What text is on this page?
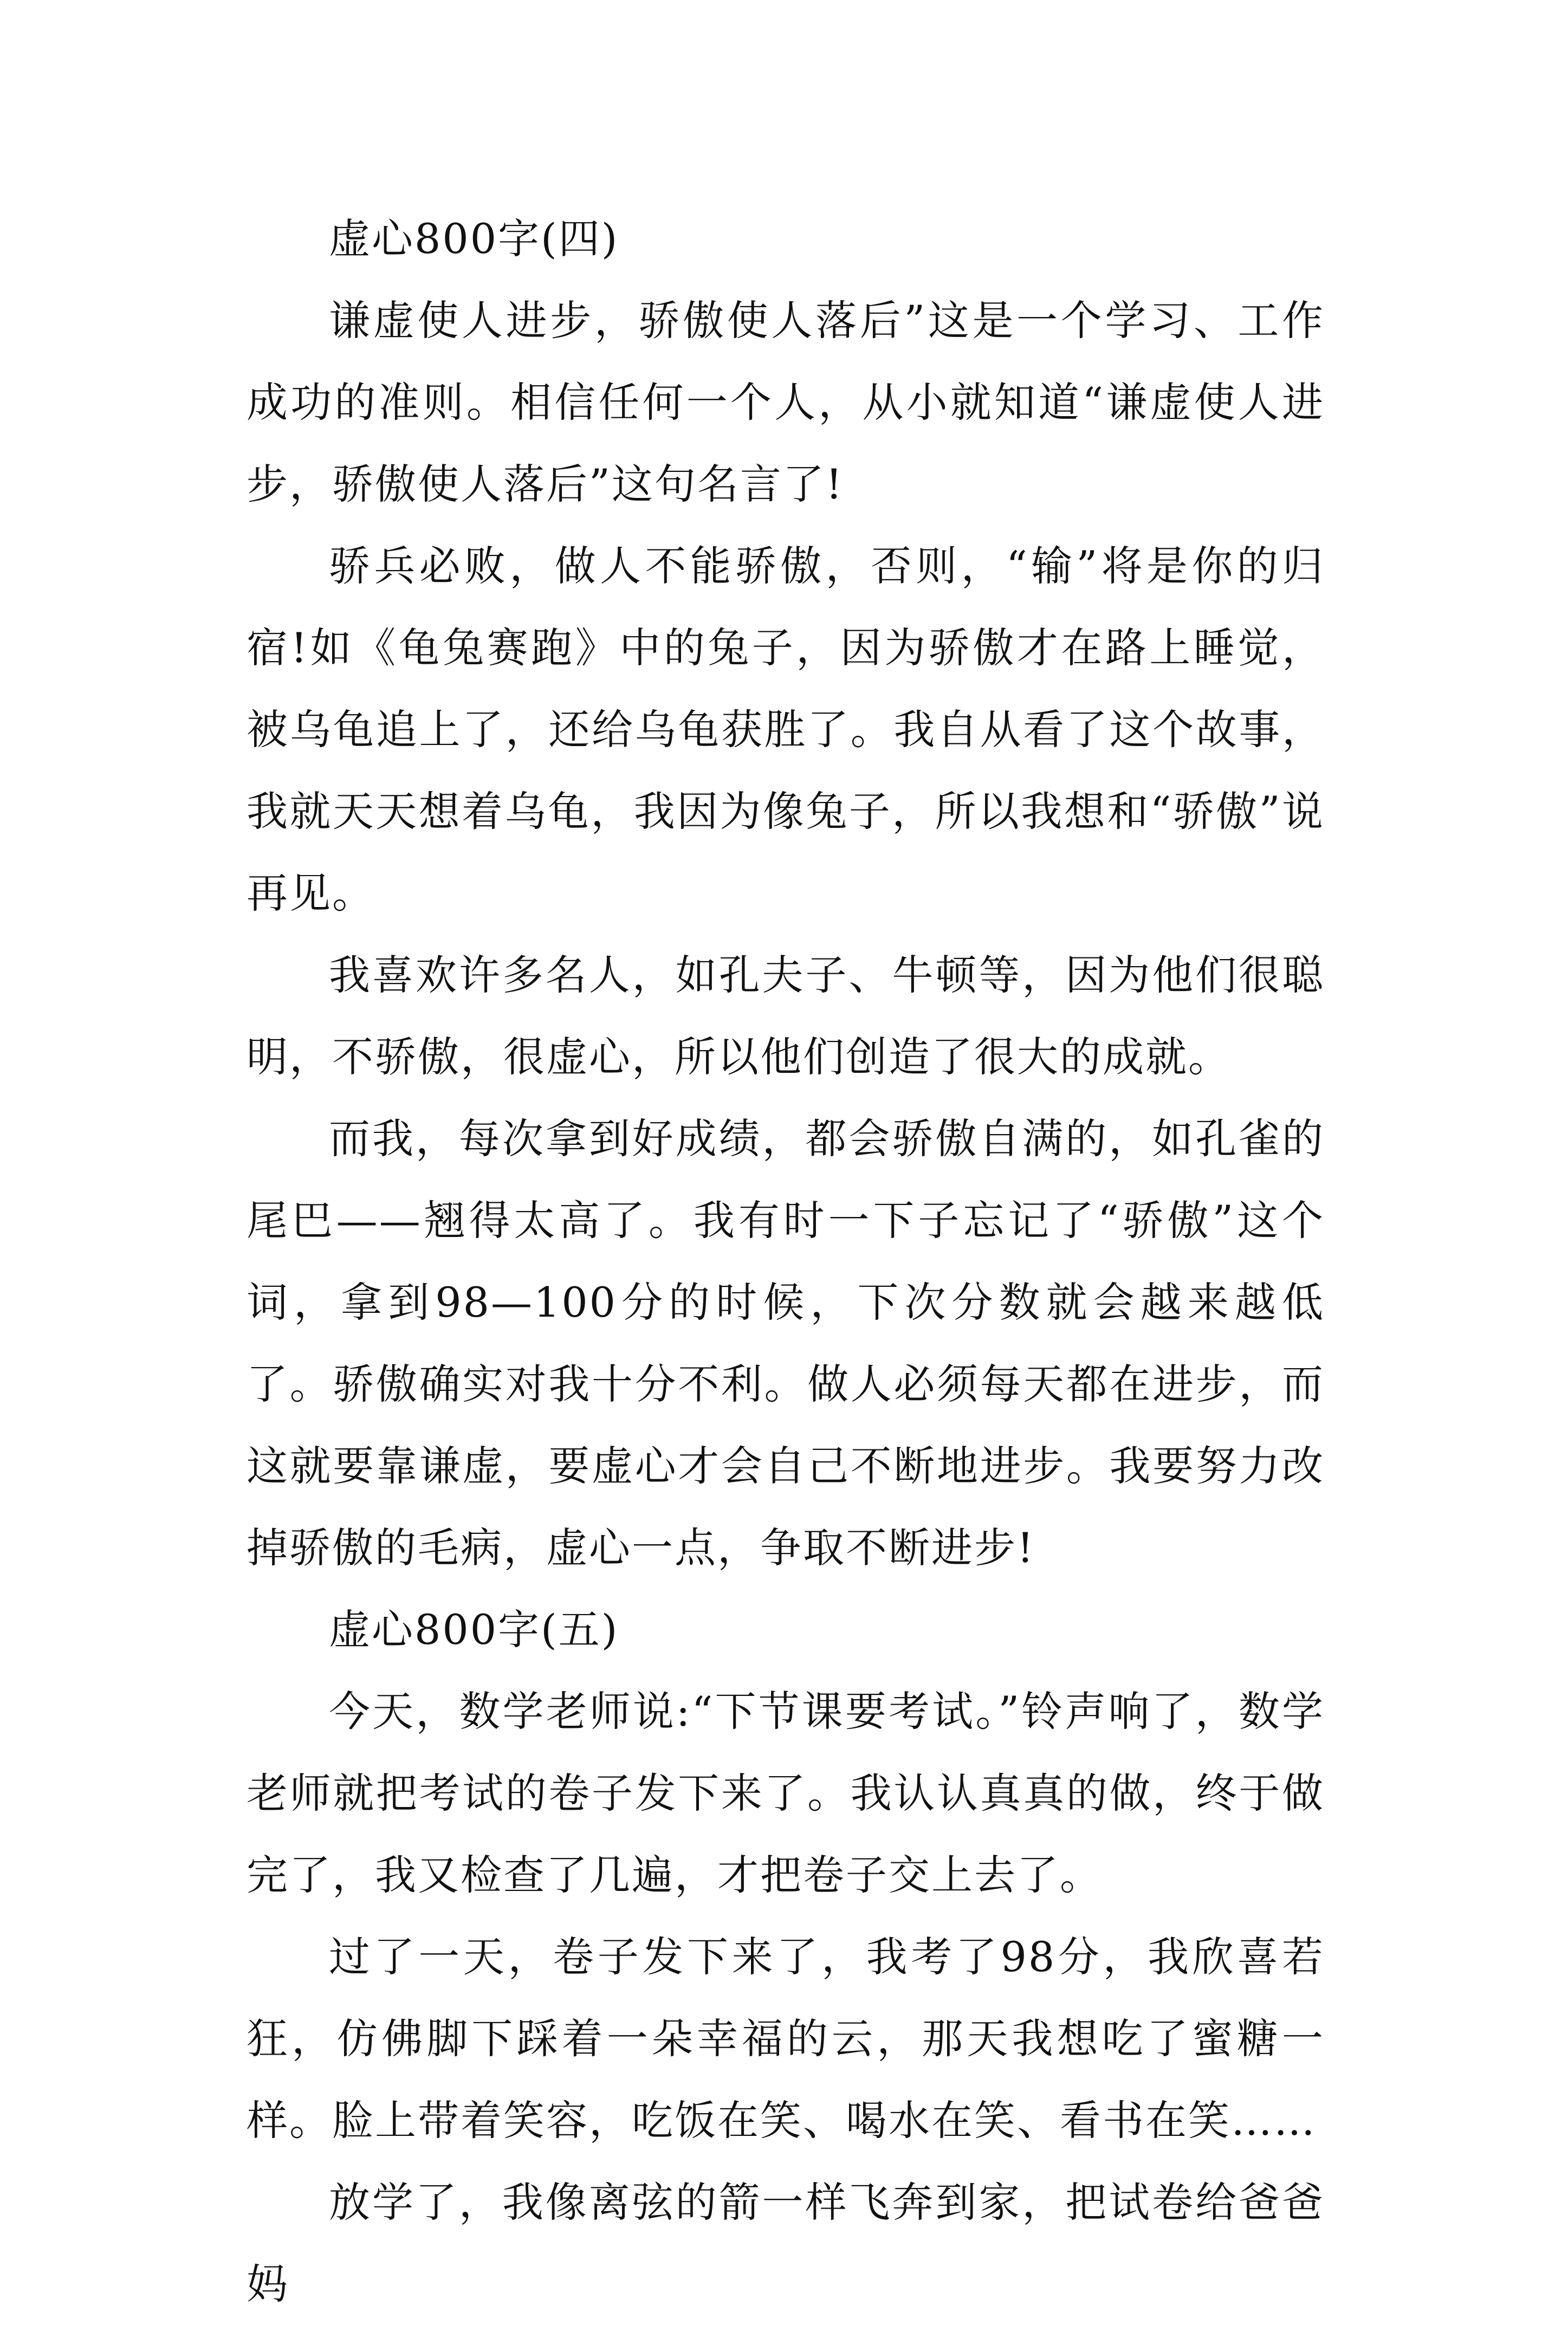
虚心800字(四)

谦虚使人进步，骄傲使人落后”这是一个学习、工作成功的准则。相信任何一个人，从小就知道“谦虚使人进步，骄傲使人落后”这句名言了!

骄兵必败，做人不能骄傲，否则，“输”将是你的归宿!如《龟兔赛跑》中的兔子，因为骄傲才在路上睡觉，被乌龟追上了，还给乌龟获胜了。我自从看了这个故事，我就天天想着乌龟，我因为像兔子，所以我想和“骄傲”说再见。

我喜欢许多名人，如孔夫子、牛顿等，因为他们很聪明，不骄傲，很虚心，所以他们创造了很大的成就。

而我，每次拿到好成绩，都会骄傲自满的，如孔雀的尾巴——翘得太高了。我有时一下子忘记了“骄傲”这个词，拿到98—100分的时候，下次分数就会越来越低了。骄傲确实对我十分不利。做人必须每天都在进步，而这就要靠谦虚，要虚心才会自己不断地进步。我要努力改掉骄傲的毛病，虚心一点，争取不断进步!

虚心800字(五)

今天，数学老师说:“下节课要考试。”铃声响了，数学老师就把考试的卷子发下来了。我认认真真的做，终于做完了，我又检查了几遍，才把卷子交上去了。

过了一天，卷子发下来了，我考了98分，我欣喜若狂，仿佛脚下踩着一朵幸福的云，那天我想吃了蜜糖一样。脸上带着笑容，吃饭在笑、喝水在笑、看书在笑……

放学了，我像离弦的箭一样飞奔到家，把试卷给爸爸妈
